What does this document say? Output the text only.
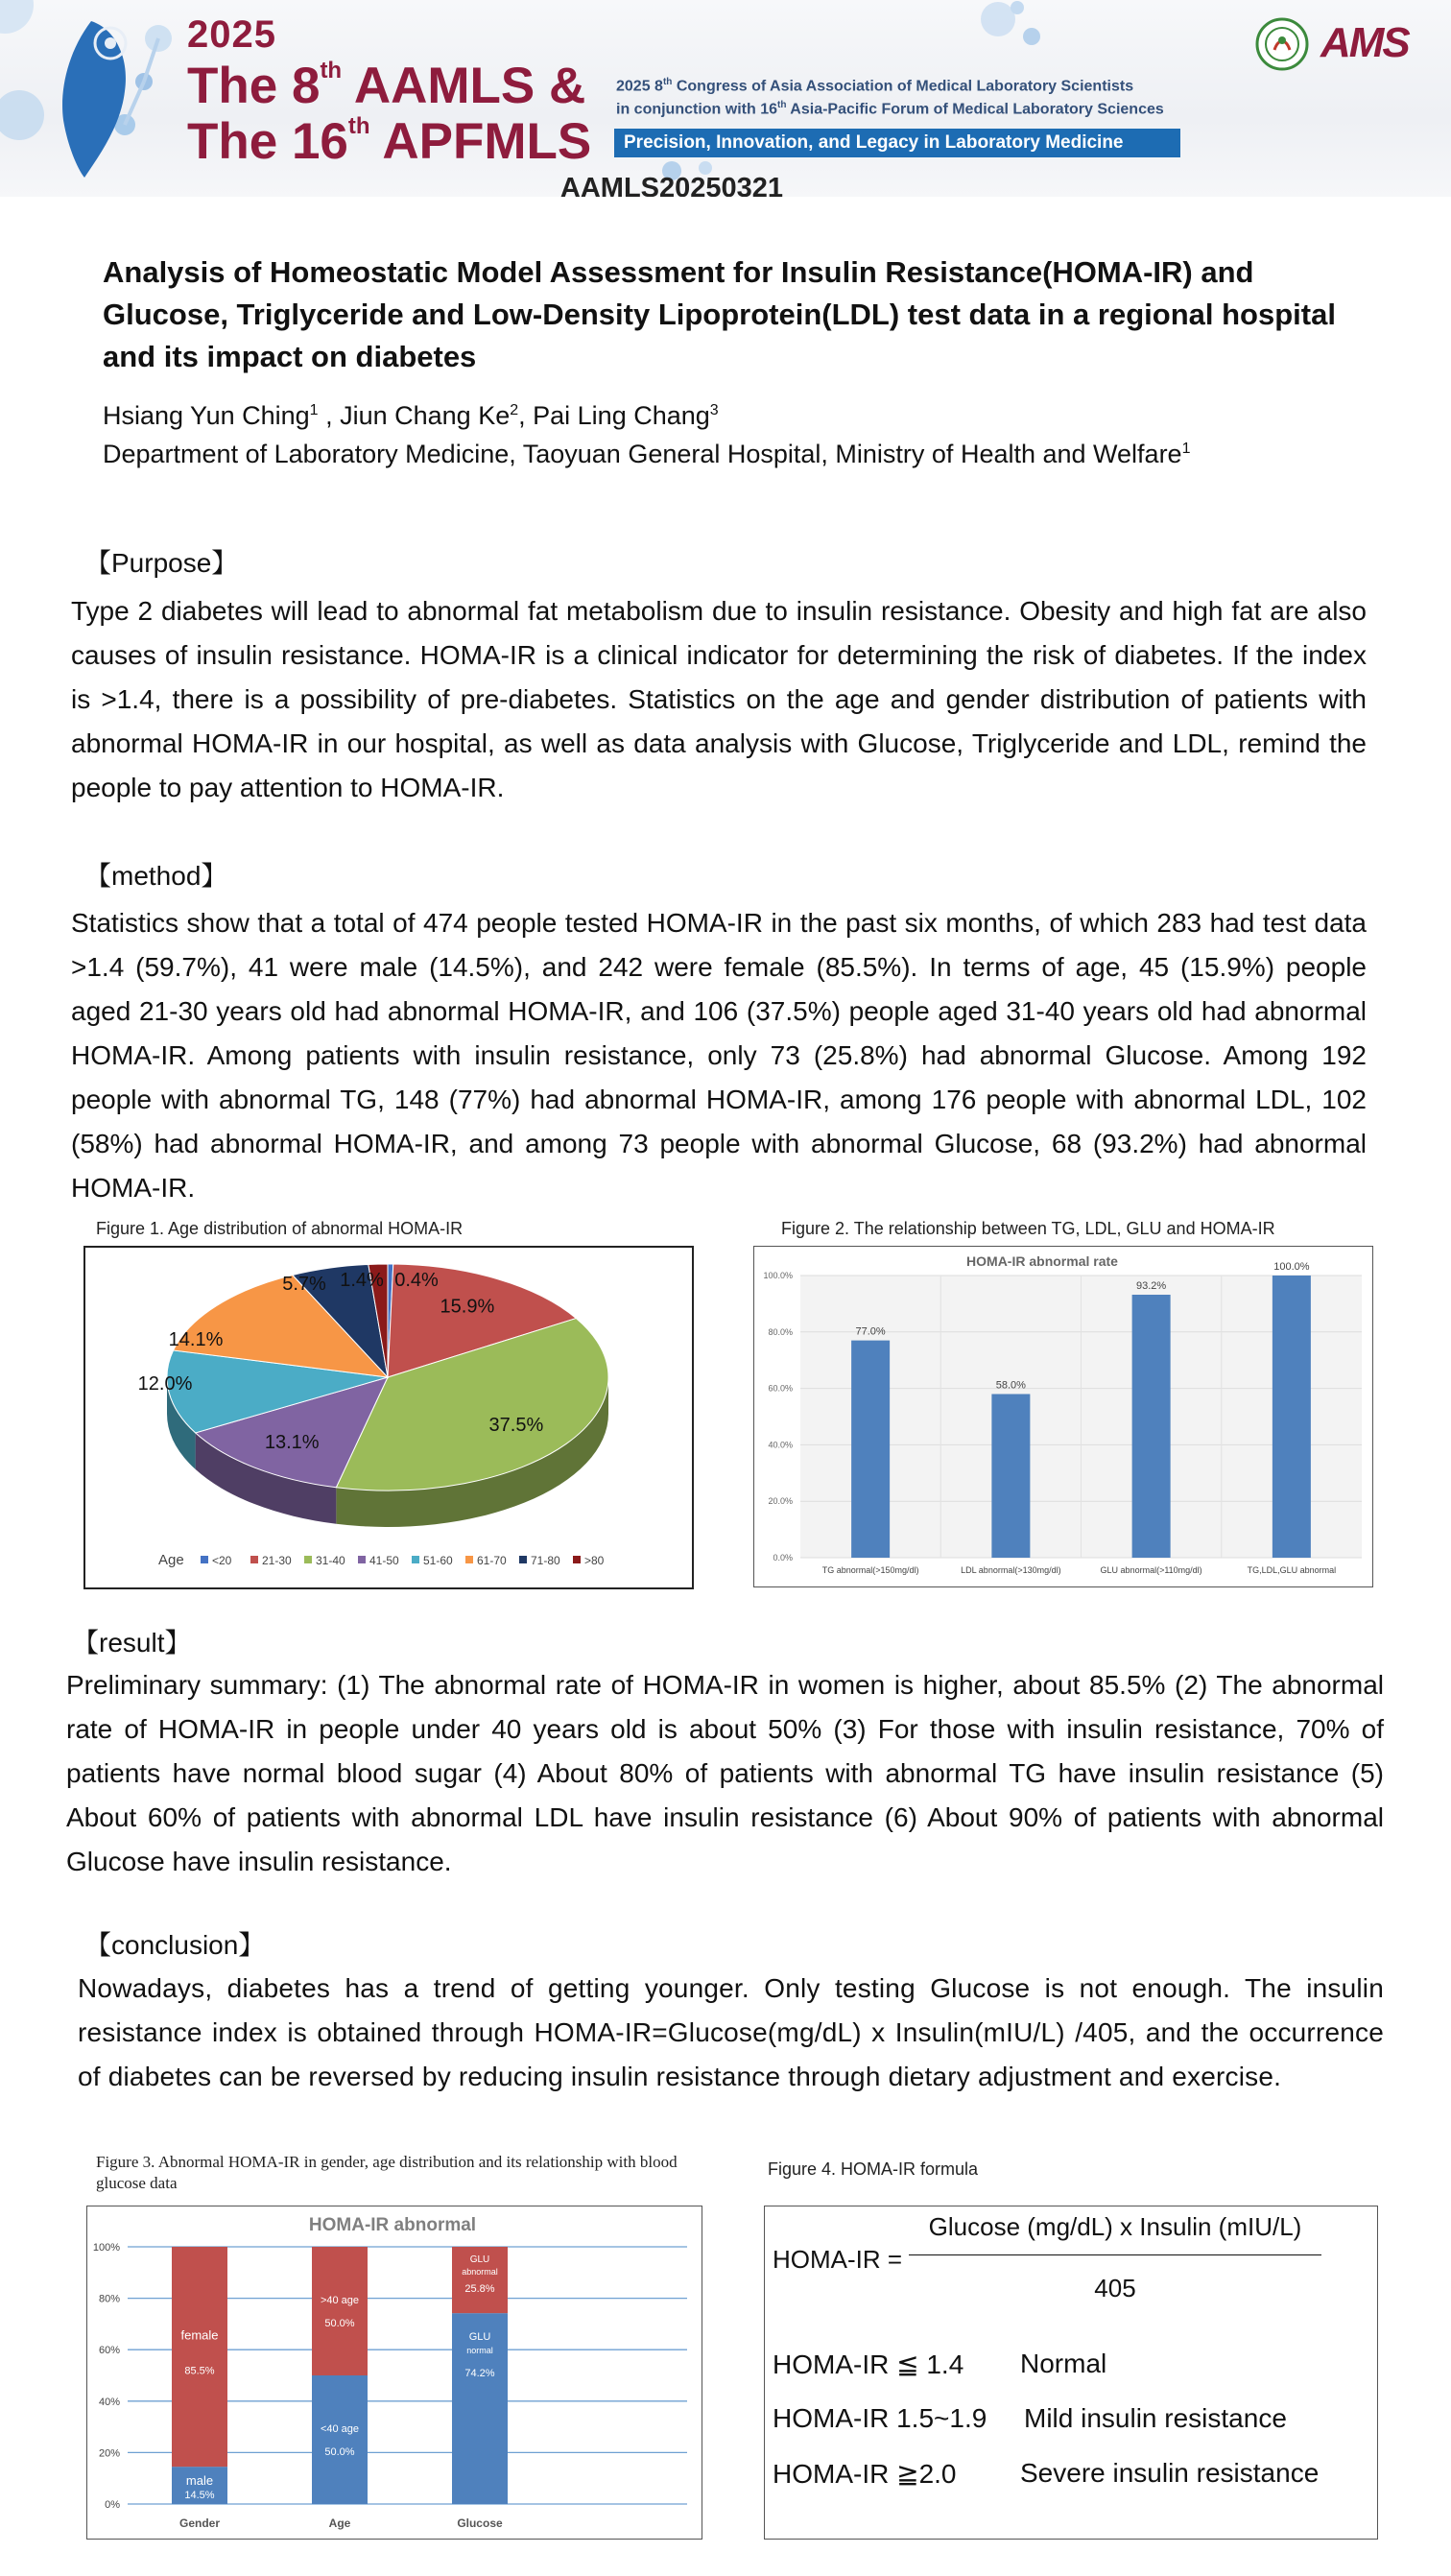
2025
The 8th AAMLS &
The 16th APFMLS
2025 8th Congress of Asia Association of Medical Laboratory Scientists
in conjunction with 16th Asia-Pacific Forum of Medical Laboratory Sciences
Precision, Innovation, and Legacy in Laboratory Medicine
AMS
AAMLS20250321
Analysis of Homeostatic Model Assessment for Insulin Resistance(HOMA-IR) and Glucose, Triglyceride and Low-Density Lipoprotein(LDL) test data in a regional hospital and its impact on diabetes
Hsiang Yun Ching$^1$ , Jiun Chang Ke$^2$, Pai Ling Chang$^3$
Department of Laboratory Medicine, Taoyuan General Hospital, Ministry of Health and Welfare$^1$
【Purpose】
Type 2 diabetes will lead to abnormal fat metabolism due to insulin resistance. Obesity and high fat are also causes of insulin resistance. HOMA-IR is a clinical indicator for determining the risk of diabetes. If the index is >1.4, there is a possibility of pre-diabetes. Statistics on the age and gender distribution of patients with abnormal HOMA-IR in our hospital, as well as data analysis with Glucose, Triglyceride and LDL, remind the people to pay attention to HOMA-IR.
【method】
Statistics show that a total of 474 people tested HOMA-IR in the past six months, of which 283 had test data >1.4 (59.7%), 41 were male (14.5%), and 242 were female (85.5%). In terms of age, 45 (15.9%) people aged 21-30 years old had abnormal HOMA-IR, and 106 (37.5%) people aged 31-40 years old had abnormal HOMA-IR. Among patients with insulin resistance, only 73 (25.8%) had abnormal Glucose. Among 192 people with abnormal TG, 148 (77%) had abnormal HOMA-IR, among 176 people with abnormal LDL, 102 (58%) had abnormal HOMA-IR, and among 73 people with abnormal Glucose, 68 (93.2%) had abnormal HOMA-IR.
Figure 1. Age distribution of abnormal HOMA-IR
0.4%
15.9%
37.5%
13.1%
12.0%
14.1%
5.7% 1.4%
Age <20	21-30 31-40 41-50 51-60 61-70 71-80 >80
Figure 2. The relationship between TG, LDL, GLU and HOMA-IR
HOMA-IR abnormal rate
0.0%
20.0%
40.0%
60.0%
80.0%
100.0%
77.0%
TG abnormal(>150mg/dl)
58.0%
LDL abnormal(>130mg/dl)
93.2%
GLU abnormal(>110mg/dl)
100.0%
TG,LDL,GLU abnormal
【result】
Preliminary summary: (1) The abnormal rate of HOMA-IR in women is higher, about 85.5% (2) The abnormal rate of HOMA-IR in people under 40 years old is about 50% (3) For those with insulin resistance, 70% of patients have normal blood sugar (4) About 80% of patients with abnormal TG have insulin resistance (5) About 60% of patients with abnormal LDL have insulin resistance (6) About 90% of patients with abnormal Glucose have insulin resistance.
【conclusion】
Nowadays, diabetes has a trend of getting younger. Only testing Glucose is not enough. The insulin resistance index is obtained through HOMA-IR=Glucose(mg/dL) x Insulin(mIU/L) /405, and the occurrence of diabetes can be reversed by reducing insulin resistance through dietary adjustment and exercise.
Figure 3. Abnormal HOMA-IR in gender, age distribution and its relationship with blood glucose data
HOMA-IR abnormal
0%
20%
40%
60%
80%
100%
male
14.5%
female
85.5%
Gender
<40 age
50.0%
>40 age
50.0%
Age
GLU
normal
74.2%
GLU
abnormal
25.8%
Glucose
Figure 4. HOMA-IR formula
HOMA-IR =
Glucose (mg/dL) x Insulin (mIU/L)
405
HOMA-IR ≦ 1.4 Normal
HOMA-IR 1.5~1.9 Mild insulin resistance
HOMA-IR ≧2.0 Severe insulin resistance
